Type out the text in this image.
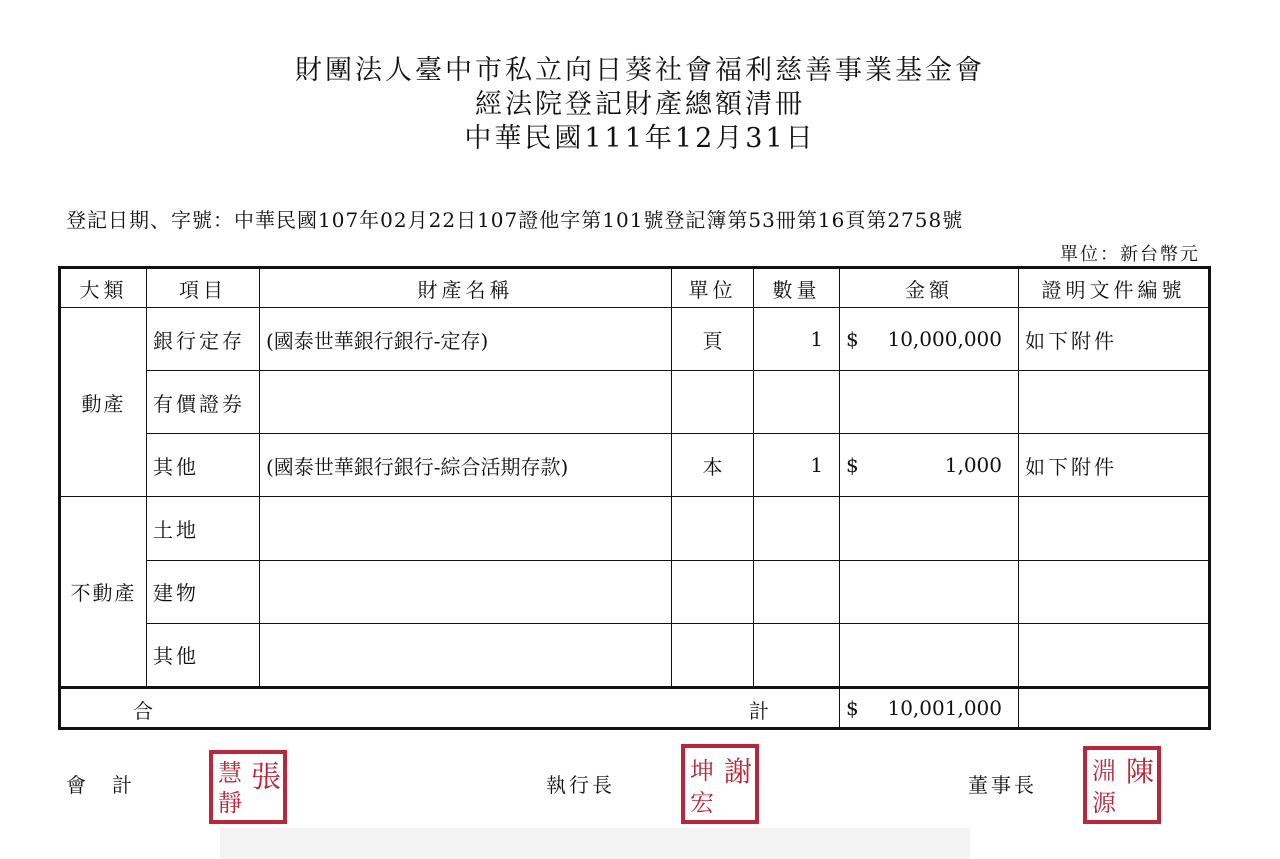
財團法人臺中市私立向日葵社會福利慈善事業基金會
經法院登記財產總額清冊
中華民國111年12月31日
登記日期、字號：中華民國107年02月22日107證他字第101號登記簿第53冊第16頁第2758號
單位：新台幣元
大類	項目	財產名稱	單位	數量	金額	證明文件編號
動產	銀行定存	(國泰世華銀行銀行-定存)	頁	1	$ 10,000,000	如下附件
	有價證券				

	其他	(國泰世華銀行銀行-綜合活期存款)	本	1	$ 1,000	如下附件
不動產	土地				

	建物				

	其他				

合 計					$ 10,001,000	

會　計	張
慧
靜
執行長	謝
坤
宏
董事長	陳
淵
源
